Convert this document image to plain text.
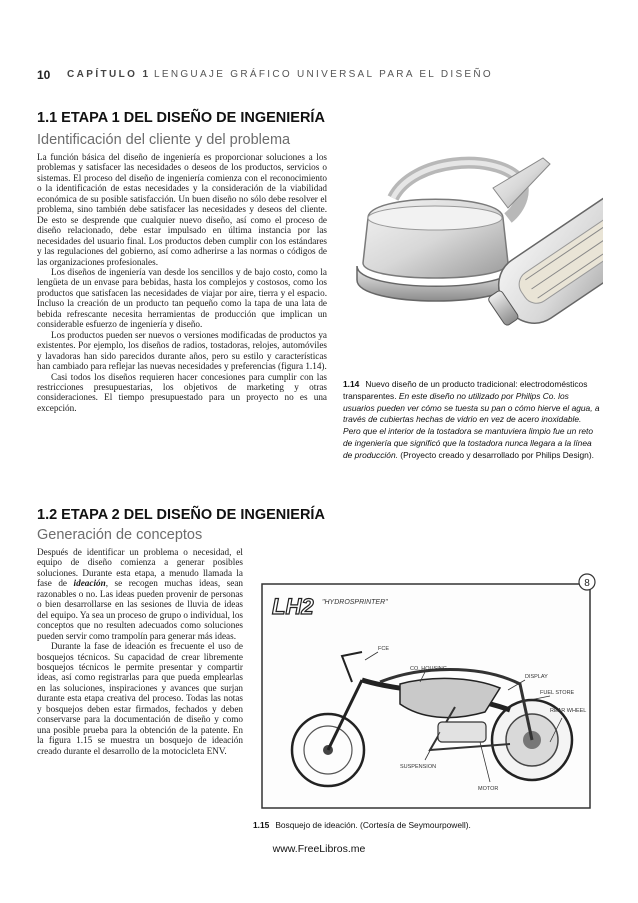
10 CAPÍTULO 1 LENGUAJE GRÁFICO UNIVERSAL PARA EL DISEÑO
1.1 ETAPA 1 DEL DISEÑO DE INGENIERÍA
Identificación del cliente y del problema

La función básica del diseño de ingeniería es proporcionar soluciones a los problemas y satisfacer las necesidades o deseos de los productos, servicios o sistemas. El proceso del diseño de ingeniería comienza con el reconocimiento o la identificación de estas necesidades y la consideración de la viabilidad económica de su posible satisfacción. Un buen diseño no sólo debe resolver el problema, sino también debe satisfacer las necesidades y deseos del cliente. De esto se desprende que cualquier nuevo diseño, así como el proceso de diseño relacionado, debe estar impulsado en última instancia por las necesidades del usuario final. Los productos deben cumplir con los estándares y las regulaciones del gobierno, así como adherirse a las normas o códigos de las organizaciones profesionales.

Los diseños de ingeniería van desde los sencillos y de bajo costo, como la lengüeta de un envase para bebidas, hasta los complejos y costosos, como los productos que satisfacen las necesidades de viajar por aire, tierra y el espacio. Incluso la creación de un producto tan pequeño como la tapa de una lata de bebida refrescante necesita herramientas de producción que implican un considerable esfuerzo de ingeniería y diseño.

Los productos pueden ser nuevos o versiones modificadas de productos ya existentes. Por ejemplo, los diseños de radios, tostadoras, relojes, automóviles y lavadoras han sido parecidos durante años, pero su estilo y características han cambiado para reflejar las nuevas necesidades y preferencias (figura 1.14).

Casi todos los diseños requieren hacer concesiones para cumplir con las restricciones presupuestarias, los objetivos de marketing y otras consideraciones. El tiempo presupuestado para un proyecto no es una excepción.

1.14 Nuevo diseño de un producto tradicional: electrodomésticos transparentes. En este diseño no utilizado por Philips Co. los usuarios pueden ver cómo se tuesta su pan o cómo hierve el agua, a través de cubiertas hechas de vidrio en vez de acero inoxidable. Pero que el interior de la tostadora se mantuviera limpio fue un reto de ingeniería que significó que la tostadora nunca llegara a la línea de producción. (Proyecto creado y desarrollado por Philips Design).
1.2 ETAPA 2 DEL DISEÑO DE INGENIERÍA
Generación de conceptos

Después de identificar un problema o necesidad, el equipo de diseño comienza a generar posibles soluciones. Durante esta etapa, a menudo llamada la fase de ideación, se recogen muchas ideas, sean razonables o no. Las ideas pueden provenir de personas o bien desarrollarse en las sesiones de lluvia de ideas del equipo. Ya sea un proceso de grupo o individual, los conceptos que no resulten adecuados como soluciones pueden servir como trampolín para generar más ideas.

Durante la fase de ideación es frecuente el uso de bosquejos técnicos. Su capacidad de crear libremente bosquejos técnicos le permite presentar y compartir ideas, así como registrarlas para que pueda emplearlas en las soluciones, inspiraciones y avances que surjan durante esta etapa creativa del proceso. Todas las notas y bosquejos deben estar firmados, fechados y deben conservarse para la documentación de diseño y como una posible prueba para la obtención de la patente. En la figura 1.15 se muestra un bosquejo de ideación creado durante el desarrollo de la motocicleta ENV.

8
LH2 "HYDROSPRINTER"
FCE
CO. HOUSING
DISPLAY
FUEL STORE
SUSPENSION
REAR WHEEL
MOTOR
1.15 Bosquejo de ideación. (Cortesía de Seymourpowell).
www.FreeLibros.me
